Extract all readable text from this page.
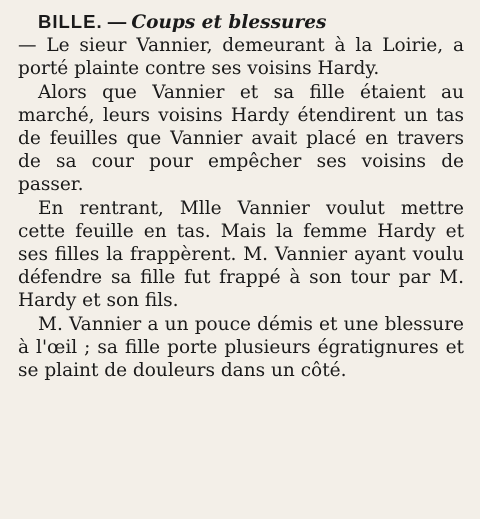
BILLE. — Coups et blessures

— Le sieur Vannier, demeurant à la Loirie, a porté plainte contre ses voisins Hardy.

Alors que Vannier et sa fille étaient au marché, leurs voisins Hardy étendirent un tas de feuilles que Vannier avait placé en travers de sa cour pour empêcher ses voisins de passer.

En rentrant, Mlle Vannier voulut mettre cette feuille en tas. Mais la femme Hardy et ses filles la frappèrent. M. Vannier ayant voulu défendre sa fille fut frappé à son tour par M. Hardy et son fils.

M. Vannier a un pouce démis et une blessure à l'œil ; sa fille porte plusieurs égratignures et se plaint de douleurs dans un côté.
